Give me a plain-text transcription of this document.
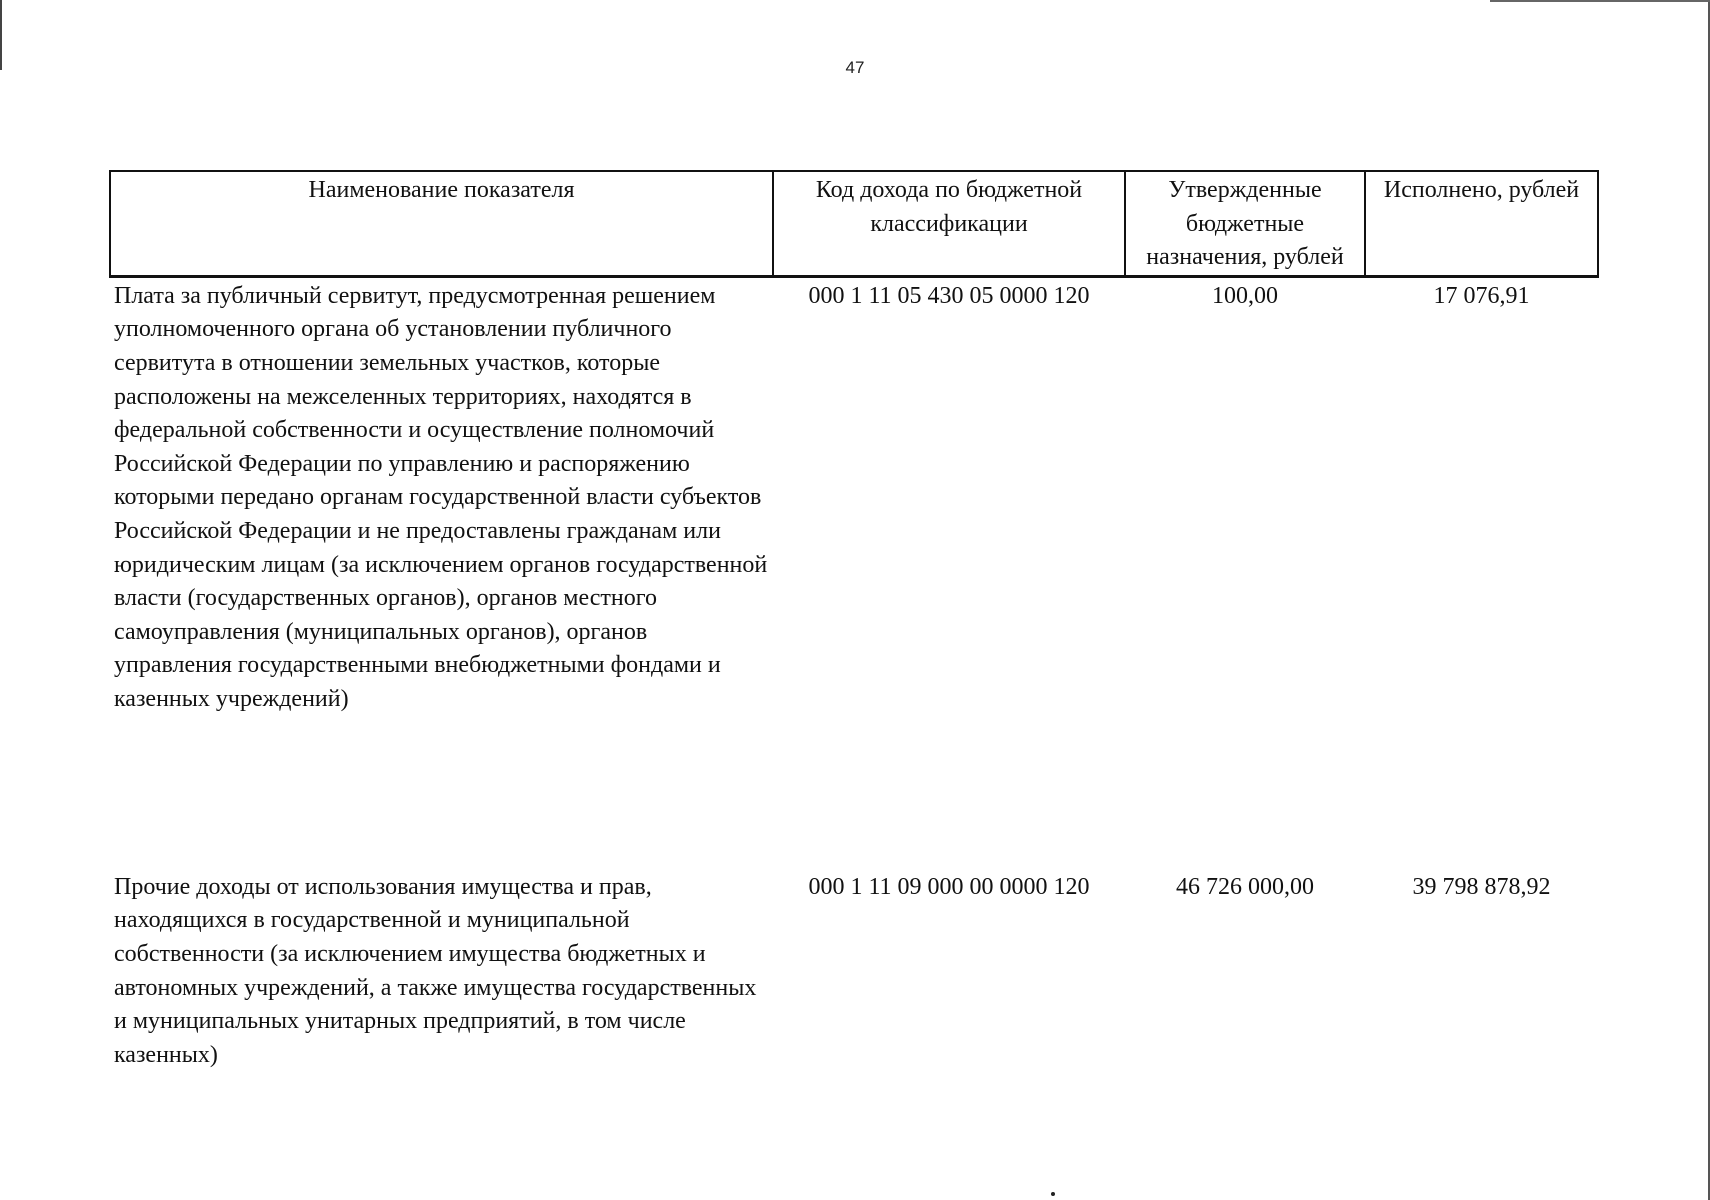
47
Наименование показателя	Код дохода по бюджетной классификации	Утвержденные бюджетные назначения, рублей	Исполнено, рублей
Плата за публичный сервитут, предусмотренная решением уполномоченного органа об установлении публичного сервитута в отношении земельных участков, которые расположены на межселенных территориях, находятся в федеральной собственности и осуществление полномочий Российской Федерации по управлению и распоряжению которыми передано органам государственной власти субъектов Российской Федерации и не предоставлены гражданам или юридическим лицам (за исключением органов государственной власти (государственных органов), органов местного самоуправления (муниципальных органов), органов управления государственными внебюджетными фондами и казенных учреждений)	000 1 11 05 430 05 0000 120	100,00	17 076,91
Прочие доходы от использования имущества и прав, находящихся в государственной и муниципальной собственности (за исключением имущества бюджетных и автономных учреждений, а также имущества государственных и муниципальных унитарных предприятий, в том числе казенных)	000 1 11 09 000 00 0000 120	46 726 000,00	39 798 878,92
